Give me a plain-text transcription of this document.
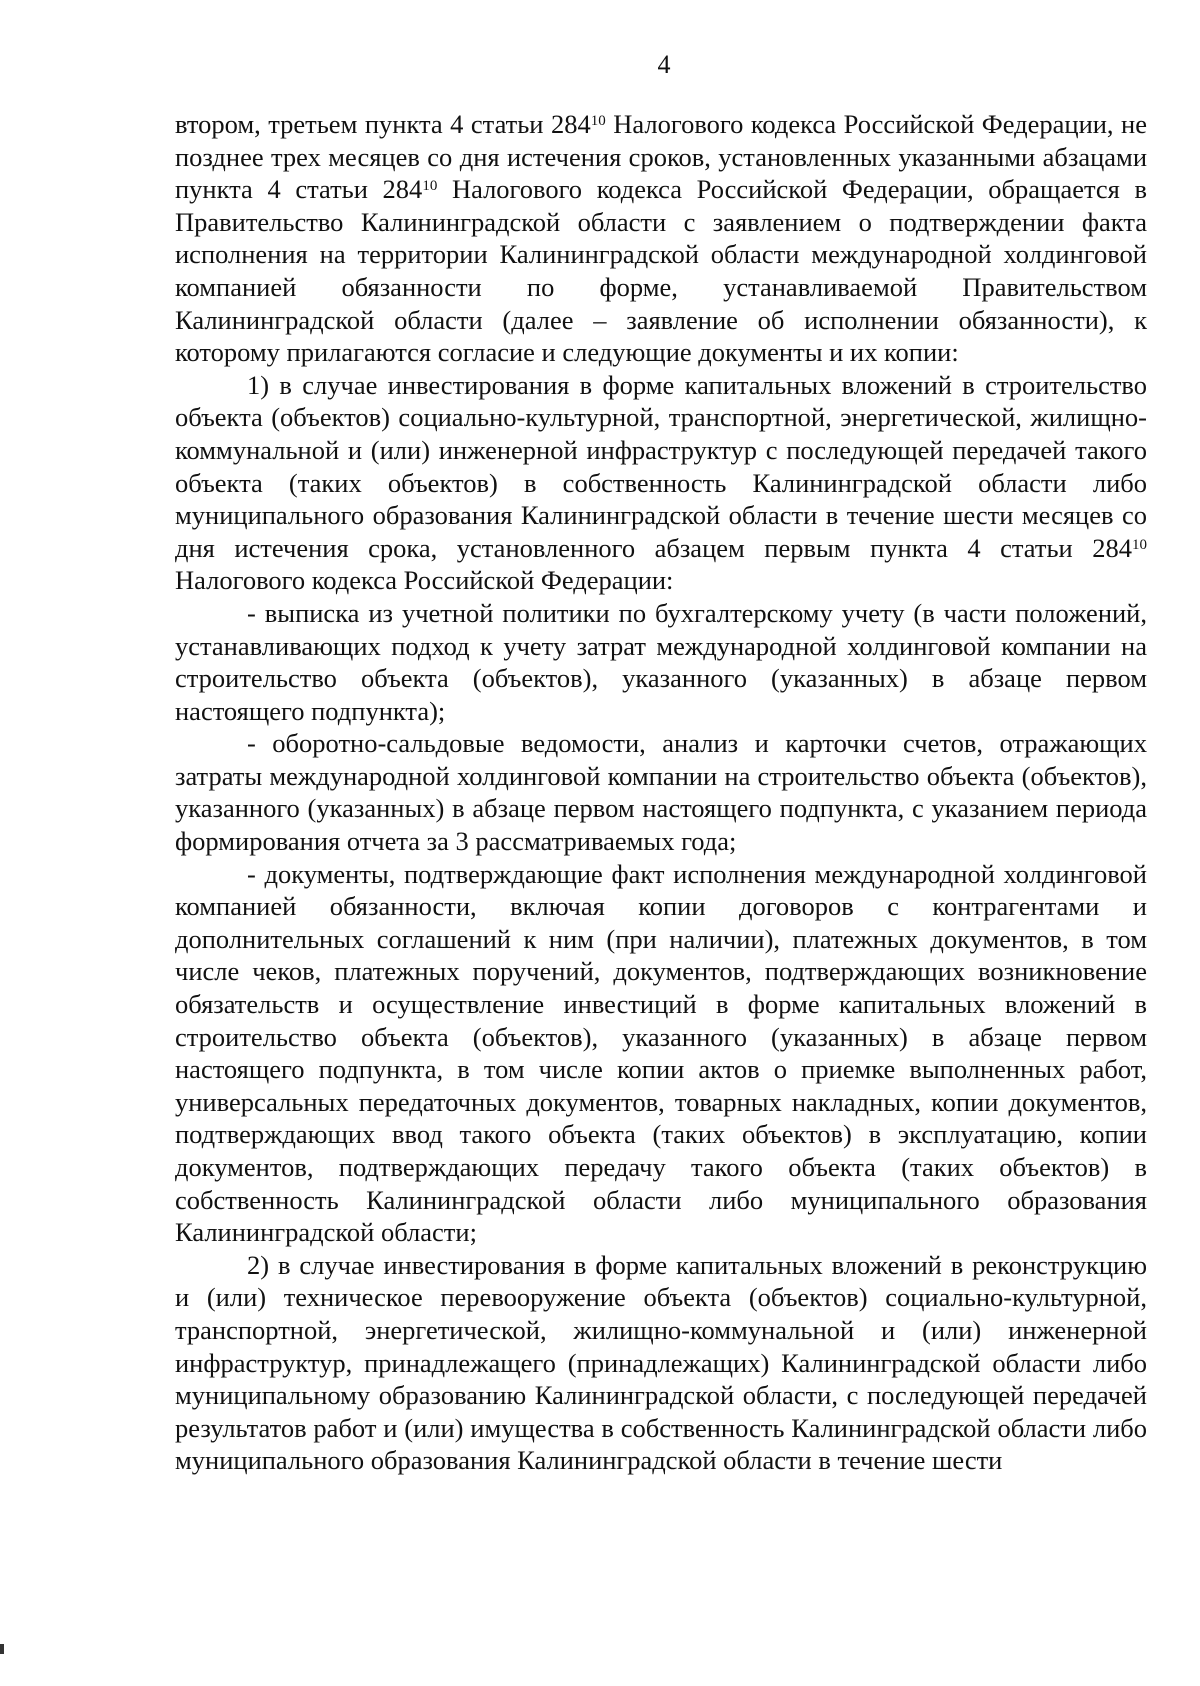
4

втором, третьем пункта 4 статьи $284^{10}$ Налогового кодекса Российской Федерации, не позднее трех месяцев со дня истечения сроков, установленных указанными абзацами пункта 4 статьи $284^{10}$ Налогового кодекса Российской Федерации, обращается в Правительство Калининградской области с заявлением о подтверждении факта исполнения на территории Калининградской области международной холдинговой компанией обязанности по форме, устанавливаемой Правительством Калининградской области (далее – заявление об исполнении обязанности), к которому прилагаются согласие и следующие документы и их копии:

1) в случае инвестирования в форме капитальных вложений в строительство объекта (объектов) социально-культурной, транспортной, энергетической, жилищно-коммунальной и (или) инженерной инфраструктур с последующей передачей такого объекта (таких объектов) в собственность Калининградской области либо муниципального образования Калининградской области в течение шести месяцев со дня истечения срока, установленного абзацем первым пункта 4 статьи $284^{10}$ Налогового кодекса Российской Федерации:

- выписка из учетной политики по бухгалтерскому учету (в части положений, устанавливающих подход к учету затрат международной холдинговой компании на строительство объекта (объектов), указанного (указанных) в абзаце первом настоящего подпункта);

- оборотно-сальдовые ведомости, анализ и карточки счетов, отражающих затраты международной холдинговой компании на строительство объекта (объектов), указанного (указанных) в абзаце первом настоящего подпункта, с указанием периода формирования отчета за 3 рассматриваемых года;

- документы, подтверждающие факт исполнения международной холдинговой компанией обязанности, включая копии договоров с контрагентами и дополнительных соглашений к ним (при наличии), платежных документов, в том числе чеков, платежных поручений, документов, подтверждающих возникновение обязательств и осуществление инвестиций в форме капитальных вложений в строительство объекта (объектов), указанного (указанных) в абзаце первом настоящего подпункта, в том числе копии актов о приемке выполненных работ, универсальных передаточных документов, товарных накладных, копии документов, подтверждающих ввод такого объекта (таких объектов) в эксплуатацию, копии документов, подтверждающих передачу такого объекта (таких объектов) в собственность Калининградской области либо муниципального образования Калининградской области;

2) в случае инвестирования в форме капитальных вложений в реконструкцию и (или) техническое перевооружение объекта (объектов) социально-культурной, транспортной, энергетической, жилищно-коммунальной и (или) инженерной инфраструктур, принадлежащего (принадлежащих) Калининградской области либо муниципальному образованию Калининградской области, с последующей передачей результатов работ и (или) имущества в собственность Калининградской области либо муниципального образования Калининградской области в течение шести
